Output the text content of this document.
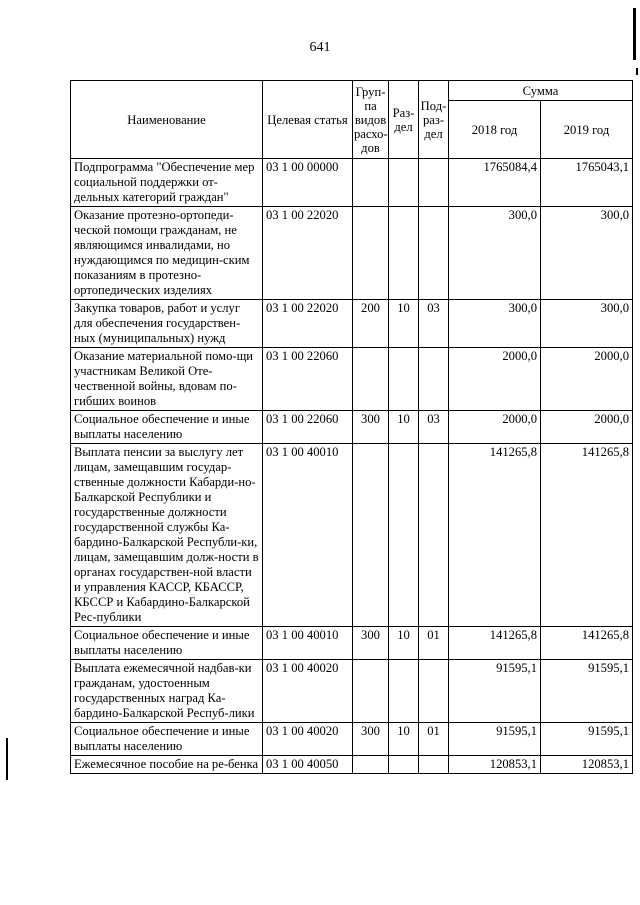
641
Наименование	Целевая статья	Груп-па видов расхо-дов	Раз-дел	Под-раз-дел	Сумма	
					2018 год	2019 год
Подпрограмма "Обеспечение мер социальной поддержки от-дельных категорий граждан"	03 1 00 00000				1765084,4	1765043,1
Оказание протезно-ортопеди-ческой помощи гражданам, не являющимся инвалидами, но нуждающимся по медицин-ским показаниям в протезно-ортопедических изделиях	03 1 00 22020				300,0	300,0
Закупка товаров, работ и услуг для обеспечения государствен-ных (муниципальных) нужд	03 1 00 22020	200	10	03	300,0	300,0
Оказание материальной помо-щи участникам Великой Оте-чественной войны, вдовам по-гибших воинов	03 1 00 22060				2000,0	2000,0
Социальное обеспечение и иные выплаты населению	03 1 00 22060	300	10	03	2000,0	2000,0
Выплата пенсии за выслугу лет лицам, замещавшим государ-ственные должности Кабарди-но-Балкарской Республики и государственные должности государственной службы Ка-бардино-Балкарской Республи-ки, лицам, замещавшим долж-ности в органах государствен-ной власти и управления КАССР, КБАССР, КБССР и Кабардино-Балкарской Рес-публики	03 1 00 40010				141265,8	141265,8
Социальное обеспечение и иные выплаты населению	03 1 00 40010	300	10	01	141265,8	141265,8
Выплата ежемесячной надбав-ки гражданам, удостоенным государственных наград Ка-бардино-Балкарской Респуб-лики	03 1 00 40020				91595,1	91595,1
Социальное обеспечение и иные выплаты населению	03 1 00 40020	300	10	01	91595,1	91595,1
Ежемесячное пособие на ре-бенка	03 1 00 40050				120853,1	120853,1
